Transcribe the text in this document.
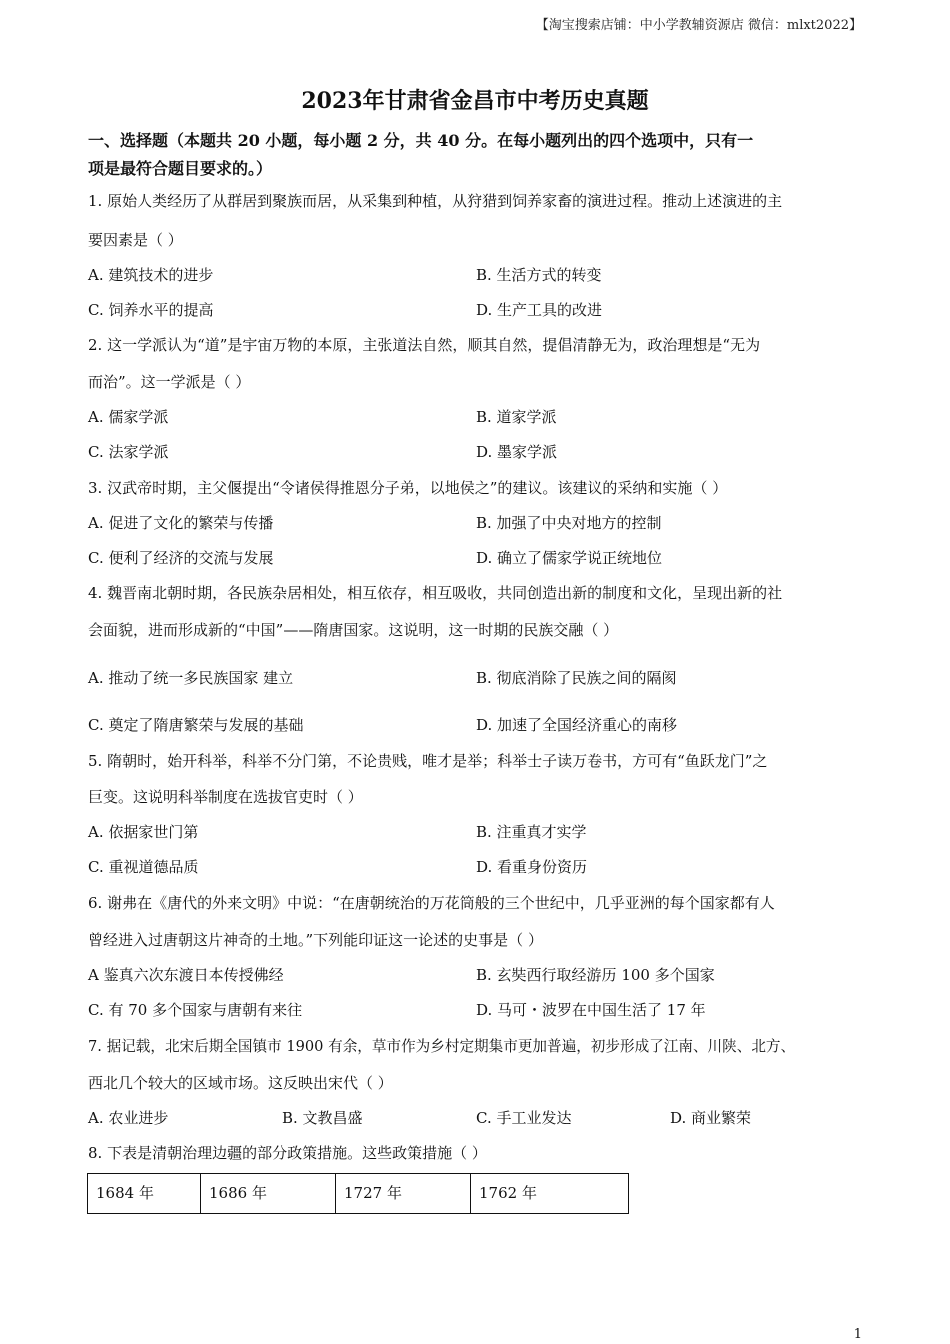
【淘宝搜索店铺：中小学教辅资源店 微信：mlxt2022】
2023年甘肃省金昌市中考历史真题
一、选择题（本题共 20 小题，每小题 2 分，共 40 分。在每小题列出的四个选项中，只有一
项是最符合题目要求的。）
1. 原始人类经历了从群居到聚族而居，从采集到种植，从狩猎到饲养家畜的演进过程。推动上述演进的主
要因素是（ ）
A. 建筑技术的进步	B. 生活方式的转变
C. 饲养水平的提高	D. 生产工具的改进
2. 这一学派认为“道”是宇宙万物的本原，主张道法自然，顺其自然，提倡清静无为，政治理想是“无为
而治”。这一学派是（ ）
A. 儒家学派	B. 道家学派
C. 法家学派	D. 墨家学派
3. 汉武帝时期，主父偃提出“令诸侯得推恩分子弟，以地侯之”的建议。该建议的采纳和实施（ ）
A. 促进了文化的繁荣与传播	B. 加强了中央对地方的控制
C. 便利了经济的交流与发展	D. 确立了儒家学说正统地位
4. 魏晋南北朝时期，各民族杂居相处，相互依存，相互吸收，共同创造出新的制度和文化，呈现出新的社
会面貌，进而形成新的“中国”——隋唐国家。这说明，这一时期的民族交融（ ）
A. 推动了统一多民族国家 建立	B. 彻底消除了民族之间的隔阂
C. 奠定了隋唐繁荣与发展的基础	D. 加速了全国经济重心的南移
5. 隋朝时，始开科举，科举不分门第，不论贵贱，唯才是举；科举士子读万卷书，方可有“鱼跃龙门”之
巨变。这说明科举制度在选拔官吏时（ ）
A. 依据家世门第	B. 注重真才实学
C. 重视道德品质	D. 看重身份资历
6. 谢弗在《唐代的外来文明》中说：“在唐朝统治的万花筒般的三个世纪中，几乎亚洲的每个国家都有人
曾经进入过唐朝这片神奇的土地。”下列能印证这一论述的史事是（ ）
A 鉴真六次东渡日本传授佛经	B. 玄奘西行取经游历 100 多个国家
C. 有 70 多个国家与唐朝有来往	D. 马可・波罗在中国生活了 17 年
7. 据记载，北宋后期全国镇市 1900 有余，草市作为乡村定期集市更加普遍，初步形成了江南、川陕、北方、
西北几个较大的区域市场。这反映出宋代（ ）
A. 农业进步	B. 文教昌盛	C. 手工业发达	D. 商业繁荣
8. 下表是清朝治理边疆的部分政策措施。这些政策措施（ ）
1684 年	1686 年	1727 年	1762 年
1
